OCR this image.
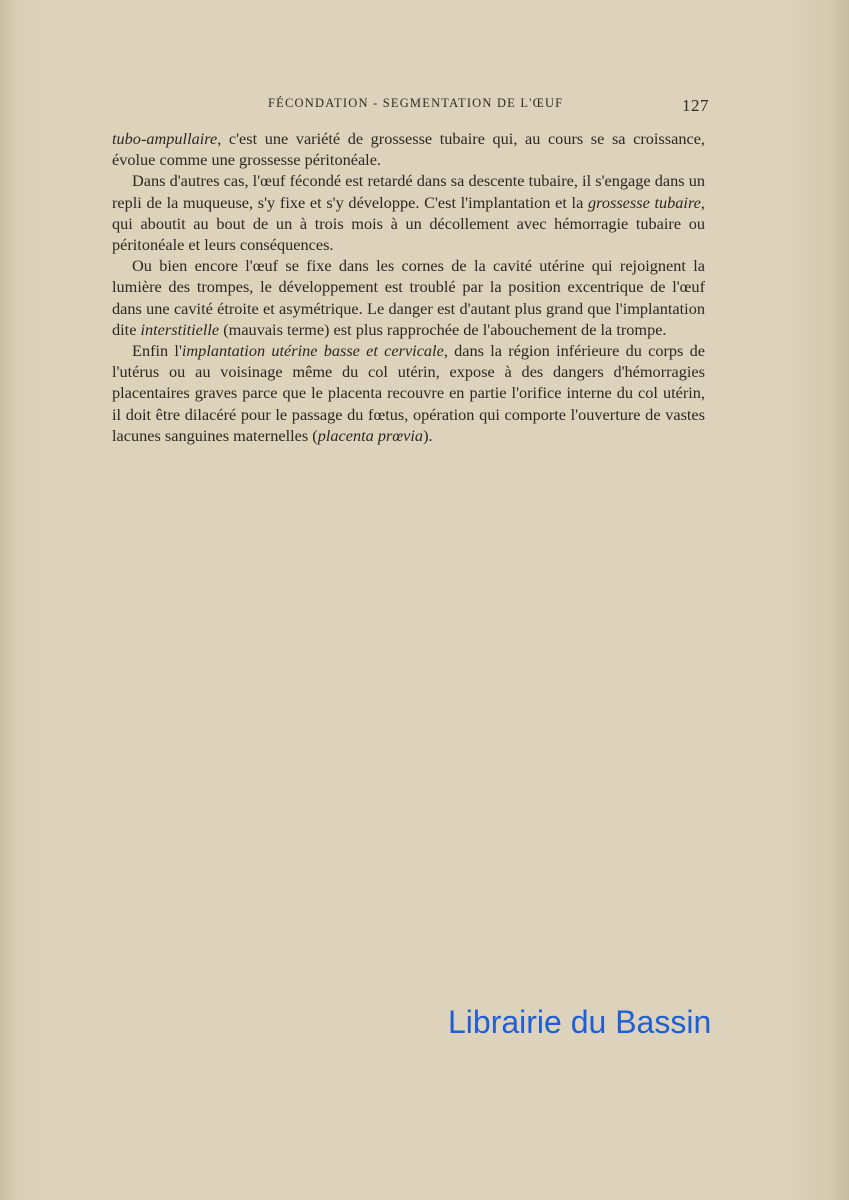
FÉCONDATION - SEGMENTATION DE L'ŒUF	127

tubo-ampullaire, c'est une variété de grossesse tubaire qui, au cours se sa croissance, évolue comme une grossesse péritonéale.

Dans d'autres cas, l'œuf fécondé est retardé dans sa descente tubaire, il s'engage dans un repli de la muqueuse, s'y fixe et s'y développe. C'est l'implantation et la grossesse tubaire, qui aboutit au bout de un à trois mois à un décollement avec hémorragie tubaire ou péritonéale et leurs conséquences.

Ou bien encore l'œuf se fixe dans les cornes de la cavité utérine qui rejoignent la lumière des trompes, le développement est troublé par la position excentrique de l'œuf dans une cavité étroite et asymétrique. Le danger est d'autant plus grand que l'implantation dite interstitielle (mauvais terme) est plus rapprochée de l'abouchement de la trompe.

Enfin l'implantation utérine basse et cervicale, dans la région inférieure du corps de l'utérus ou au voisinage même du col utérin, expose à des dangers d'hémorragies placentaires graves parce que le placenta recouvre en partie l'orifice interne du col utérin, il doit être dilacéré pour le passage du fœtus, opération qui comporte l'ouverture de vastes lacunes sanguines maternelles (placenta prœvia).

Librairie du Bassin
